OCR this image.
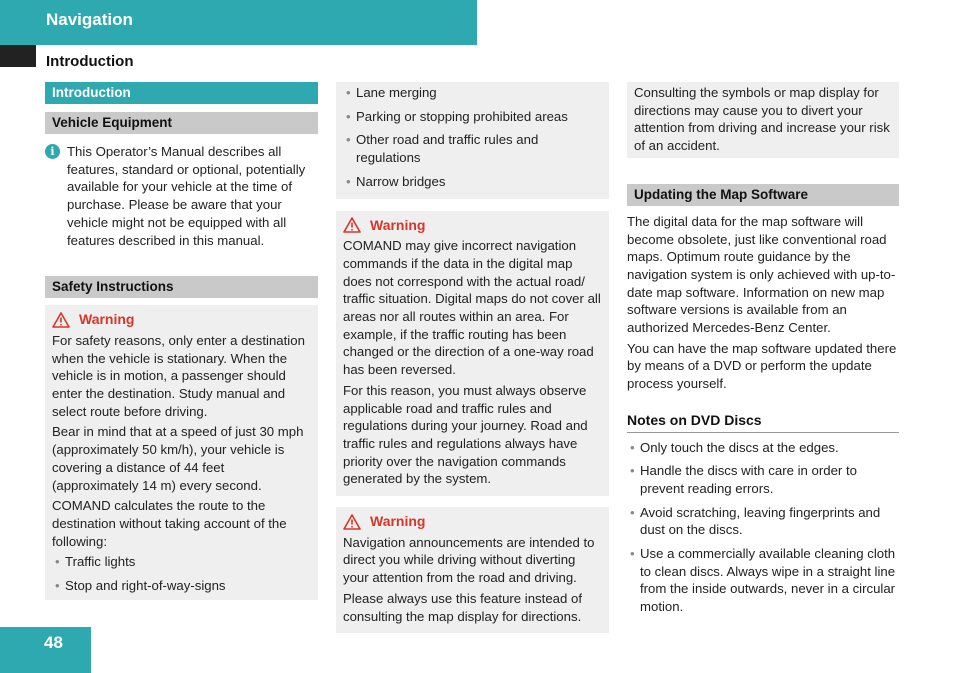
Navigation
Introduction
Introduction
Vehicle Equipment
i This Operator’s Manual describes all features, standard or optional, potentially available for your vehicle at the time of purchase. Please be aware that your vehicle might not be equipped with all features described in this manual.
Safety Instructions
Warning
For safety reasons, only enter a destination when the vehicle is stationary. When the vehicle is in motion, a passenger should enter the destination. Study manual and select route before driving.
Bear in mind that at a speed of just 30 mph (approximately 50 km/h), your vehicle is covering a distance of 44 feet (approximately 14 m) every second.
COMAND calculates the route to the destination without taking account of the following:
• Traffic lights
• Stop and right-of-way-signs
• Lane merging
• Parking or stopping prohibited areas
• Other road and traffic rules and regulations
• Narrow bridges
Warning
COMAND may give incorrect navigation commands if the data in the digital map does not correspond with the actual road/ traffic situation. Digital maps do not cover all areas nor all routes within an area. For example, if the traffic routing has been changed or the direction of a one-way road has been reversed.
For this reason, you must always observe applicable road and traffic rules and regulations during your journey. Road and traffic rules and regulations always have priority over the navigation commands generated by the system.
Warning
Navigation announcements are intended to direct you while driving without diverting your attention from the road and driving.
Please always use this feature instead of consulting the map display for directions.
Consulting the symbols or map display for directions may cause you to divert your attention from driving and increase your risk of an accident.
Updating the Map Software
The digital data for the map software will become obsolete, just like conventional road maps. Optimum route guidance by the navigation system is only achieved with up-to-date map software. Information on new map software versions is available from an authorized Mercedes-Benz Center.
You can have the map software updated there by means of a DVD or perform the update process yourself.
Notes on DVD Discs
• Only touch the discs at the edges.
• Handle the discs with care in order to prevent reading errors.
• Avoid scratching, leaving fingerprints and dust on the discs.
• Use a commercially available cleaning cloth to clean discs. Always wipe in a straight line from the inside outwards, never in a circular motion.
48
